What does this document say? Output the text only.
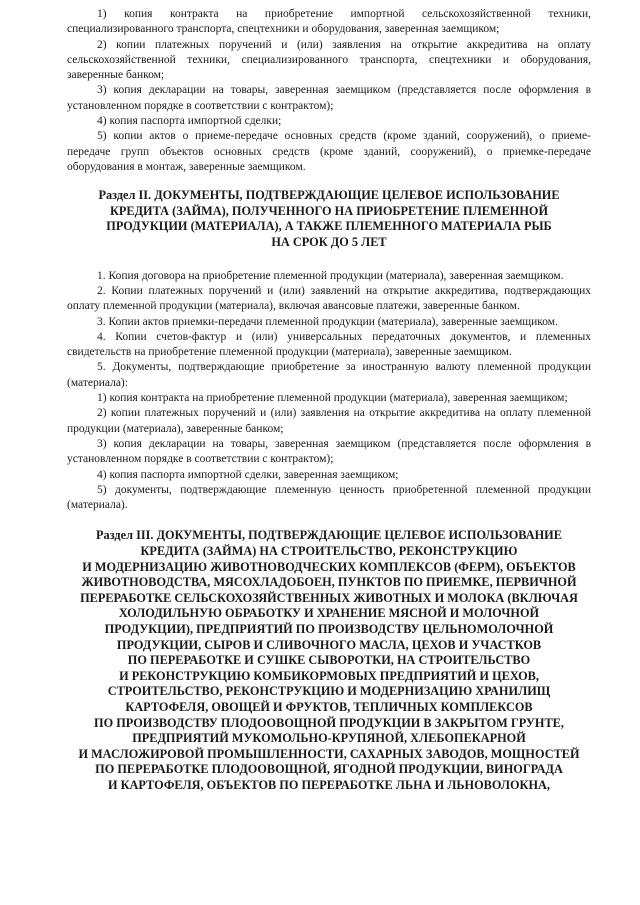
1) копия контракта на приобретение импортной сельскохозяйственной техники, специализированного транспорта, спецтехники и оборудования, заверенная заемщиком;

2) копии платежных поручений и (или) заявления на открытие аккредитива на оплату сельскохозяйственной техники, специализированного транспорта, спецтехники и оборудования, заверенные банком;

3) копия декларации на товары, заверенная заемщиком (представляется после оформления в установленном порядке в соответствии с контрактом);

4) копия паспорта импортной сделки;

5) копии актов о приеме-передаче основных средств (кроме зданий, сооружений), о приеме-передаче групп объектов основных средств (кроме зданий, сооружений), о приемке-передаче оборудования в монтаж, заверенные заемщиком.

Раздел II. ДОКУМЕНТЫ, ПОДТВЕРЖДАЮЩИЕ ЦЕЛЕВОЕ ИСПОЛЬЗОВАНИЕ
КРЕДИТА (ЗАЙМА), ПОЛУЧЕННОГО НА ПРИОБРЕТЕНИЕ ПЛЕМЕННОЙ
ПРОДУКЦИИ (МАТЕРИАЛА), А ТАКЖЕ ПЛЕМЕННОГО МАТЕРИАЛА РЫБ
НА СРОК ДО 5 ЛЕТ

1. Копия договора на приобретение племенной продукции (материала), заверенная заемщиком.

2. Копии платежных поручений и (или) заявлений на открытие аккредитива, подтверждающих оплату племенной продукции (материала), включая авансовые платежи, заверенные банком.

3. Копии актов приемки-передачи племенной продукции (материала), заверенные заемщиком.

4. Копии счетов-фактур и (или) универсальных передаточных документов, и племенных свидетельств на приобретение племенной продукции (материала), заверенные заемщиком.

5. Документы, подтверждающие приобретение за иностранную валюту племенной продукции (материала):

1) копия контракта на приобретение племенной продукции (материала), заверенная заемщиком;

2) копии платежных поручений и (или) заявления на открытие аккредитива на оплату племенной продукции (материала), заверенные банком;

3) копия декларации на товары, заверенная заемщиком (представляется после оформления в установленном порядке в соответствии с контрактом);

4) копия паспорта импортной сделки, заверенная заемщиком;

5) документы, подтверждающие племенную ценность приобретенной племенной продукции (материала).

Раздел III. ДОКУМЕНТЫ, ПОДТВЕРЖДАЮЩИЕ ЦЕЛЕВОЕ ИСПОЛЬЗОВАНИЕ
КРЕДИТА (ЗАЙМА) НА СТРОИТЕЛЬСТВО, РЕКОНСТРУКЦИЮ
И МОДЕРНИЗАЦИЮ ЖИВОТНОВОДЧЕСКИХ КОМПЛЕКСОВ (ФЕРМ), ОБЪЕКТОВ
ЖИВОТНОВОДСТВА, МЯСОХЛАДОБОЕН, ПУНКТОВ ПО ПРИЕМКЕ, ПЕРВИЧНОЙ
ПЕРЕРАБОТКЕ СЕЛЬСКОХОЗЯЙСТВЕННЫХ ЖИВОТНЫХ И МОЛОКА (ВКЛЮЧАЯ
ХОЛОДИЛЬНУЮ ОБРАБОТКУ И ХРАНЕНИЕ МЯСНОЙ И МОЛОЧНОЙ
ПРОДУКЦИИ), ПРЕДПРИЯТИЙ ПО ПРОИЗВОДСТВУ ЦЕЛЬНОМОЛОЧНОЙ
ПРОДУКЦИИ, СЫРОВ И СЛИВОЧНОГО МАСЛА, ЦЕХОВ И УЧАСТКОВ
ПО ПЕРЕРАБОТКЕ И СУШКЕ СЫВОРОТКИ, НА СТРОИТЕЛЬСТВО
И РЕКОНСТРУКЦИЮ КОМБИКОРМОВЫХ ПРЕДПРИЯТИЙ И ЦЕХОВ,
СТРОИТЕЛЬСТВО, РЕКОНСТРУКЦИЮ И МОДЕРНИЗАЦИЮ ХРАНИЛИЩ
КАРТОФЕЛЯ, ОВОЩЕЙ И ФРУКТОВ, ТЕПЛИЧНЫХ КОМПЛЕКСОВ
ПО ПРОИЗВОДСТВУ ПЛОДООВОЩНОЙ ПРОДУКЦИИ В ЗАКРЫТОМ ГРУНТЕ,
ПРЕДПРИЯТИЙ МУКОМОЛЬНО-КРУПЯНОЙ, ХЛЕБОПЕКАРНОЙ
И МАСЛОЖИРОВОЙ ПРОМЫШЛЕННОСТИ, САХАРНЫХ ЗАВОДОВ, МОЩНОСТЕЙ
ПО ПЕРЕРАБОТКЕ ПЛОДООВОЩНОЙ, ЯГОДНОЙ ПРОДУКЦИИ, ВИНОГРАДА
И КАРТОФЕЛЯ, ОБЪЕКТОВ ПО ПЕРЕРАБОТКЕ ЛЬНА И ЛЬНОВОЛОКНА,
